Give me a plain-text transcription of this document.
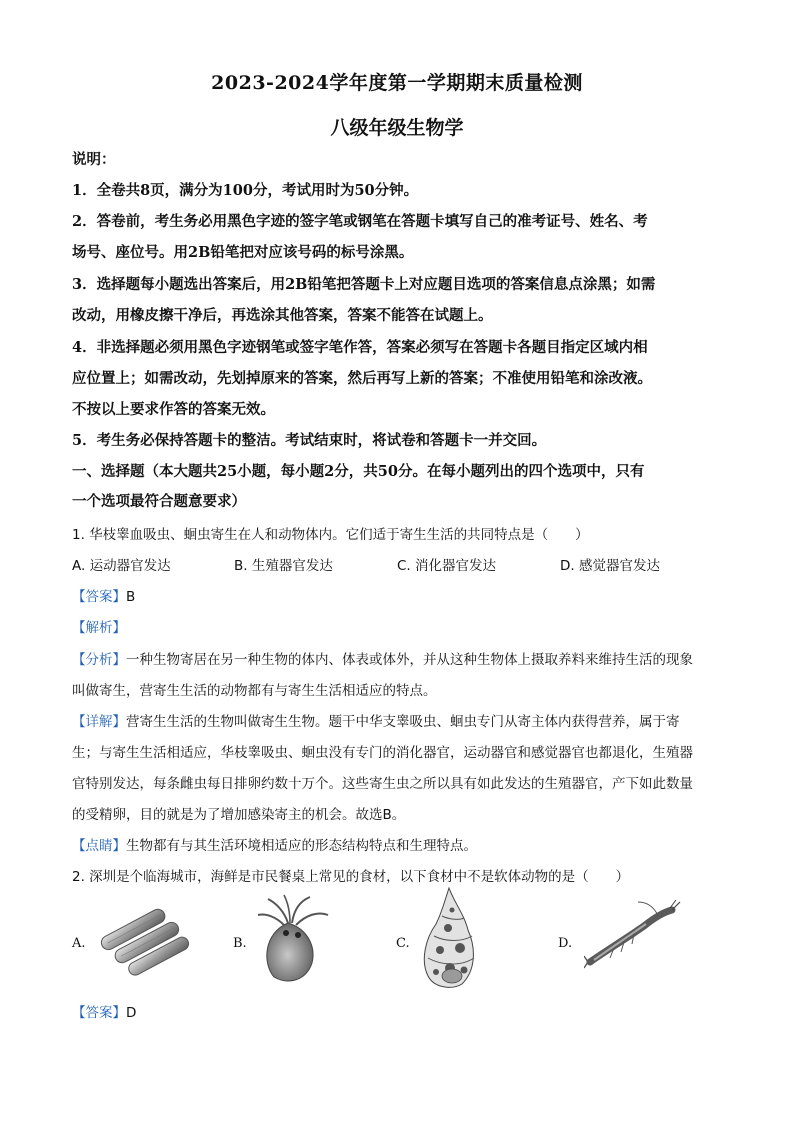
2023-2024学年度第一学期期末质量检测
八级年级生物学
说明：
1．全卷共8页，满分为100分，考试用时为50分钟。
2．答卷前，考生务必用黑色字迹的签字笔或钢笔在答题卡填写自己的准考证号、姓名、考
场号、座位号。用2B铅笔把对应该号码的标号涂黑。
3．选择题每小题选出答案后，用2B铅笔把答题卡上对应题目选项的答案信息点涂黑；如需
改动，用橡皮擦干净后，再选涂其他答案，答案不能答在试题上。
4．非选择题必须用黑色字迹钢笔或签字笔作答，答案必须写在答题卡各题目指定区域内相
应位置上；如需改动，先划掉原来的答案，然后再写上新的答案；不准使用铅笔和涂改液。
不按以上要求作答的答案无效。
5．考生务必保持答题卡的整洁。考试结束时，将试卷和答题卡一并交回。
一、选择题（本大题共25小题，每小题2分，共50分。在每小题列出的四个选项中，只有
一个选项最符合题意要求）
1. 华枝睾血吸虫、蛔虫寄生在人和动物体内。它们适于寄生生活的共同特点是（　　）
A. 运动器官发达	B. 生殖器官发达	C. 消化器官发达	D. 感觉器官发达
【答案】B
【解析】
【分析】一种生物寄居在另一种生物的体内、体表或体外，并从这种生物体上摄取养料来维持生活的现象
叫做寄生，营寄生生活的动物都有与寄生生活相适应的特点。
【详解】营寄生生活的生物叫做寄生生物。题干中华支睾吸虫、蛔虫专门从寄主体内获得营养，属于寄
生；与寄生生活相适应，华枝睾吸虫、蛔虫没有专门的消化器官，运动器官和感觉器官也都退化，生殖器
官特别发达，每条雌虫每日排卵约数十万个。这些寄生虫之所以具有如此发达的生殖器官，产下如此数量
的受精卵，目的就是为了增加感染寄主的机会。故选B。
【点睛】生物都有与其生活环境相适应的形态结构特点和生理特点。
2. 深圳是个临海城市，海鲜是市民餐桌上常见的食材，以下食材中不是软体动物的是（　　）
A.	B.	C.	D.
【答案】D
